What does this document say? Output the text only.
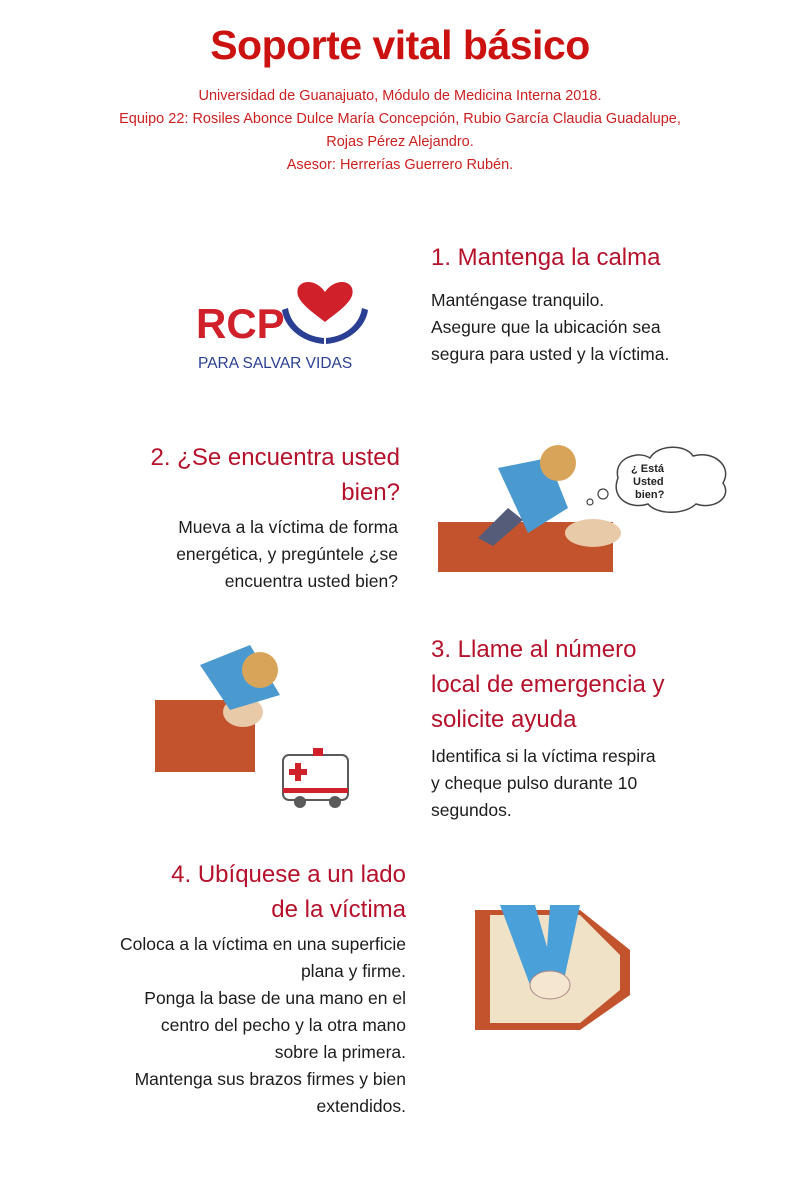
Soporte vital básico
Universidad de Guanajuato, Módulo de Medicina Interna 2018.
Equipo 22: Rosiles Abonce Dulce María Concepción, Rubio García Claudia Guadalupe,
Rojas Pérez Alejandro.
Asesor: Herrerías Guerrero Rubén.
RCP
PARA SALVAR VIDAS
1. Mantenga la calma
Manténgase tranquilo.
Asegure que la ubicación sea
segura para usted y la víctima.
2. ¿Se encuentra usted
bien?
Mueva a la víctima de forma
energética, y pregúntele ¿se
encuentra usted bien?
¿ Está
Usted
bien?
3. Llame al número
local de emergencia y
solicite ayuda
Identifica si la víctima respira
y cheque pulso durante 10
segundos.
4. Ubíquese a un lado
de la víctima
Coloca a la víctima en una superficie
plana y firme.
Ponga la base de una mano en el
centro del pecho y la otra mano
sobre la primera.
Mantenga sus brazos firmes y bien
extendidos.
